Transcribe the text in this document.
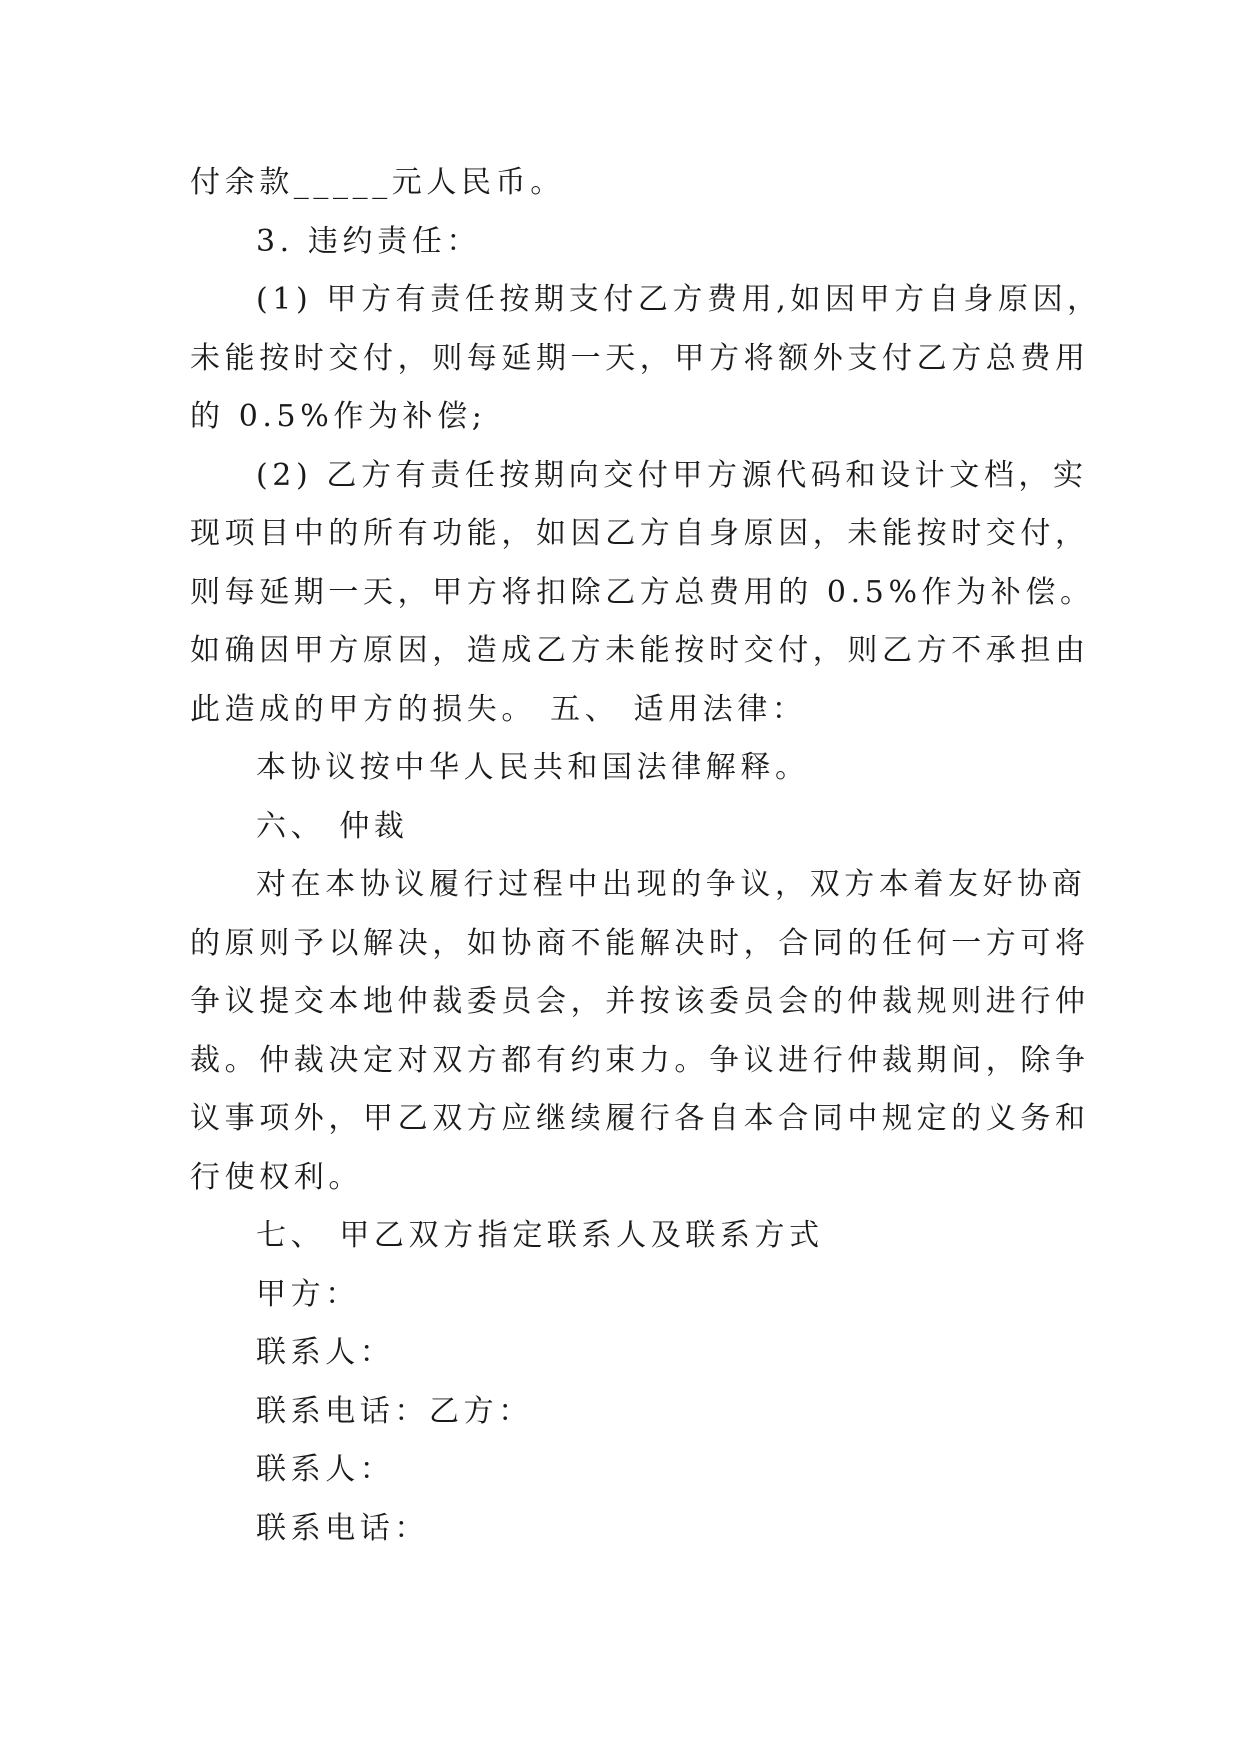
付余款_____元人民币。
3. 违约责任：
(1) 甲方有责任按期支付乙方费用,如因甲方自身原因，
未能按时交付，则每延期一天，甲方将额外支付乙方总费用
的 0.5%作为补偿;
(2) 乙方有责任按期向交付甲方源代码和设计文档，实
现项目中的所有功能，如因乙方自身原因，未能按时交付，
则每延期一天，甲方将扣除乙方总费用的 0.5%作为补偿。
如确因甲方原因，造成乙方未能按时交付，则乙方不承担由
此造成的甲方的损失。 五、 适用法律：
本协议按中华人民共和国法律解释。
六、 仲裁
对在本协议履行过程中出现的争议，双方本着友好协商
的原则予以解决，如协商不能解决时，合同的任何一方可将
争议提交本地仲裁委员会，并按该委员会的仲裁规则进行仲
裁。仲裁决定对双方都有约束力。争议进行仲裁期间，除争
议事项外，甲乙双方应继续履行各自本合同中规定的义务和
行使权利。
七、 甲乙双方指定联系人及联系方式
甲方：
联系人：
联系电话：乙方：
联系人：
联系电话：
